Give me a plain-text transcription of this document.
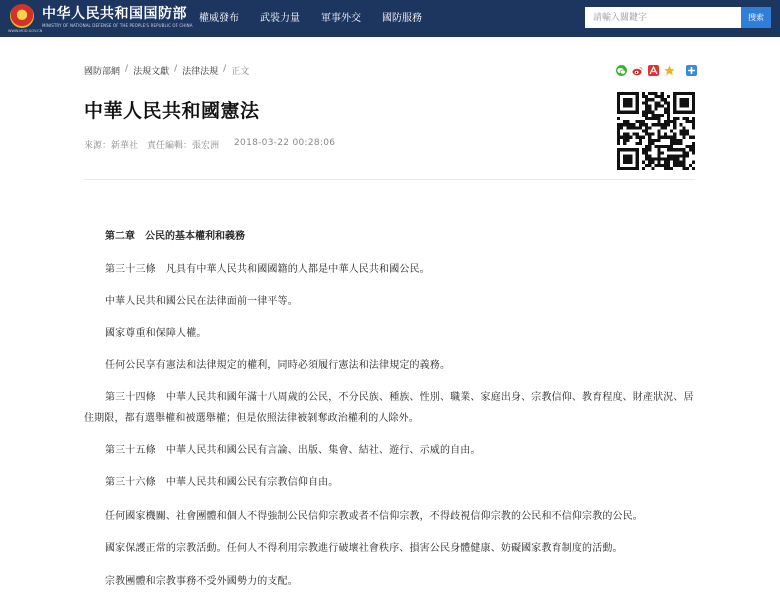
中华人民共和国国防部
MINISTRY OF NATIONAL DEFENSE OF THE PEOPLE'S REPUBLIC OF CHINA
WWW.MOD.GOV.CN
權威發布 武裝力量 軍事外交 國防服務
請輸入關鍵字	搜索
國防部網 / 法規文獻 / 法律法規 / 正文
中華人民共和國憲法
來源：新華社 責任編輯：張宏洲 2018-03-22 00:28:06
第二章　公民的基本權利和義務
第三十三條　凡具有中華人民共和國國籍的人都是中華人民共和國公民。
中華人民共和國公民在法律面前一律平等。
國家尊重和保障人權。
任何公民享有憲法和法律規定的權利，同時必須履行憲法和法律規定的義務。
第三十四條　中華人民共和國年滿十八周歲的公民，不分民族、種族、性別、職業、家庭出身、宗教信仰、教育程度、財產狀況、居住期限，都有選舉權和被選舉權；但是依照法律被剝奪政治權利的人除外。
第三十五條　中華人民共和國公民有言論、出版、集會、結社、遊行、示威的自由。
第三十六條　中華人民共和國公民有宗教信仰自由。
任何國家機關、社會團體和個人不得強制公民信仰宗教或者不信仰宗教，不得歧視信仰宗教的公民和不信仰宗教的公民。
國家保護正常的宗教活動。任何人不得利用宗教進行破壞社會秩序、損害公民身體健康、妨礙國家教育制度的活動。
宗教團體和宗教事務不受外國勢力的支配。
